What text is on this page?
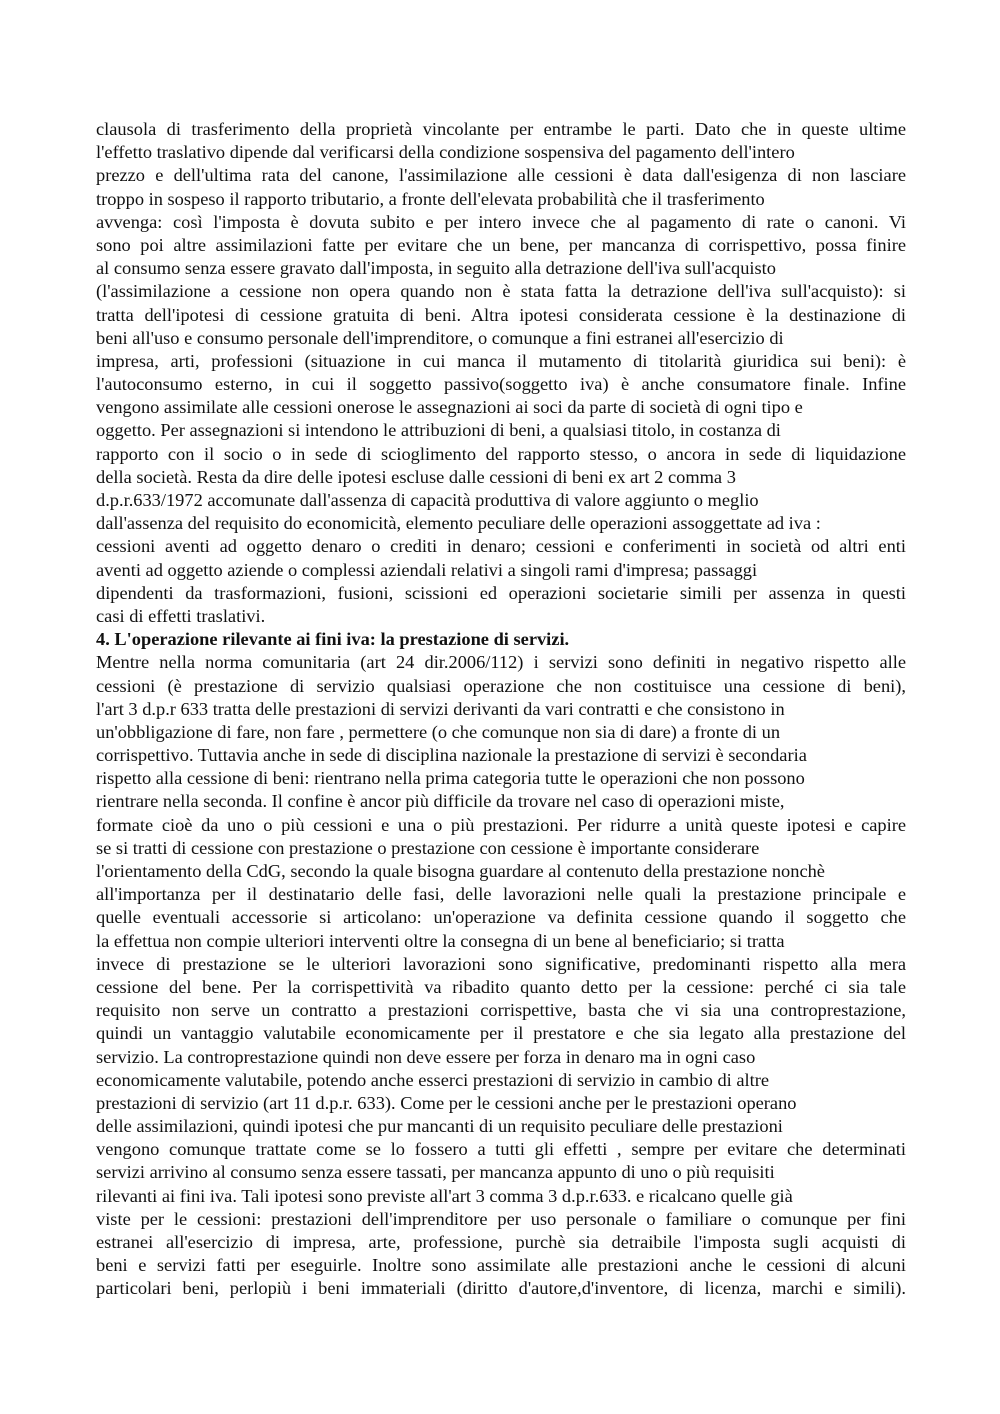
clausola di trasferimento della proprietà vincolante per entrambe le parti. Dato che in queste ultime
l'effetto traslativo dipende dal verificarsi della condizione sospensiva del pagamento dell'intero
prezzo e dell'ultima rata del canone, l'assimilazione alle cessioni è data dall'esigenza di non lasciare
troppo in sospeso il rapporto tributario, a fronte dell'elevata probabilità che il trasferimento
avvenga: così l'imposta è dovuta subito e per intero invece che al pagamento di rate o canoni. Vi
sono poi altre assimilazioni fatte per evitare che un bene, per mancanza di corrispettivo, possa finire
al consumo senza essere gravato dall'imposta, in seguito alla detrazione dell'iva sull'acquisto
(l'assimilazione a cessione non opera quando non è stata fatta la detrazione dell'iva sull'acquisto): si
tratta dell'ipotesi di cessione gratuita di beni. Altra ipotesi considerata cessione è la destinazione di
beni all'uso e consumo personale dell'imprenditore, o comunque a fini estranei all'esercizio di
impresa, arti, professioni (situazione in cui manca il mutamento di titolarità giuridica sui beni): è
l'autoconsumo esterno, in cui il soggetto passivo(soggetto iva) è anche consumatore finale. Infine
vengono assimilate alle cessioni onerose le assegnazioni ai soci da parte di società di ogni tipo e
oggetto. Per assegnazioni si intendono le attribuzioni di beni, a qualsiasi titolo, in costanza di
rapporto con il socio o in sede di scioglimento del rapporto stesso, o ancora in sede di liquidazione
della società. Resta da dire delle ipotesi escluse dalle cessioni di beni ex art 2 comma 3
d.p.r.633/1972 accomunate dall'assenza di capacità produttiva di valore aggiunto o meglio
dall'assenza del requisito do economicità, elemento peculiare delle operazioni assoggettate ad iva :
cessioni aventi ad oggetto denaro o crediti in denaro; cessioni e conferimenti in società od altri enti
aventi ad oggetto aziende o complessi aziendali relativi a singoli rami d'impresa; passaggi
dipendenti da trasformazioni, fusioni, scissioni ed operazioni societarie simili per assenza in questi
casi di effetti traslativi.
4. L'operazione rilevante ai fini iva: la prestazione di servizi.
Mentre nella norma comunitaria (art 24 dir.2006/112) i servizi sono definiti in negativo rispetto alle
cessioni (è prestazione di servizio qualsiasi operazione che non costituisce una cessione di beni),
l'art 3 d.p.r 633 tratta delle prestazioni di servizi derivanti da vari contratti e che consistono in
un'obbligazione di fare, non fare , permettere (o che comunque non sia di dare) a fronte di un
corrispettivo. Tuttavia anche in sede di disciplina nazionale la prestazione di servizi è secondaria
rispetto alla cessione di beni: rientrano nella prima categoria tutte le operazioni che non possono
rientrare nella seconda. Il confine è ancor più difficile da trovare nel caso di operazioni miste,
formate cioè da uno o più cessioni e una o più prestazioni. Per ridurre a unità queste ipotesi e capire
se si tratti di cessione con prestazione o prestazione con cessione è importante considerare
l'orientamento della CdG, secondo la quale bisogna guardare al contenuto della prestazione nonchè
all'importanza per il destinatario delle fasi, delle lavorazioni nelle quali la prestazione principale e
quelle eventuali accessorie si articolano: un'operazione va definita cessione quando il soggetto che
la effettua non compie ulteriori interventi oltre la consegna di un bene al beneficiario; si tratta
invece di prestazione se le ulteriori lavorazioni sono significative, predominanti rispetto alla mera
cessione del bene. Per la corrispettività va ribadito quanto detto per la cessione: perché ci sia tale
requisito non serve un contratto a prestazioni corrispettive, basta che vi sia una controprestazione,
quindi un vantaggio valutabile economicamente per il prestatore e che sia legato alla prestazione del
servizio. La controprestazione quindi non deve essere per forza in denaro ma in ogni caso
economicamente valutabile, potendo anche esserci prestazioni di servizio in cambio di altre
prestazioni di servizio (art 11 d.p.r. 633). Come per le cessioni anche per le prestazioni operano
delle assimilazioni, quindi ipotesi che pur mancanti di un requisito peculiare delle prestazioni
vengono comunque trattate come se lo fossero a tutti gli effetti , sempre per evitare che determinati
servizi arrivino al consumo senza essere tassati, per mancanza appunto di uno o più requisiti
rilevanti ai fini iva. Tali ipotesi sono previste all'art 3 comma 3 d.p.r.633. e ricalcano quelle già
viste per le cessioni: prestazioni dell'imprenditore per uso personale o familiare o comunque per fini
estranei all'esercizio di impresa, arte, professione, purchè sia detraibile l'imposta sugli acquisti di
beni e servizi fatti per eseguirle. Inoltre sono assimilate alle prestazioni anche le cessioni di alcuni
particolari beni, perlopiù i beni immateriali (diritto d'autore,d'inventore, di licenza, marchi e simili).
